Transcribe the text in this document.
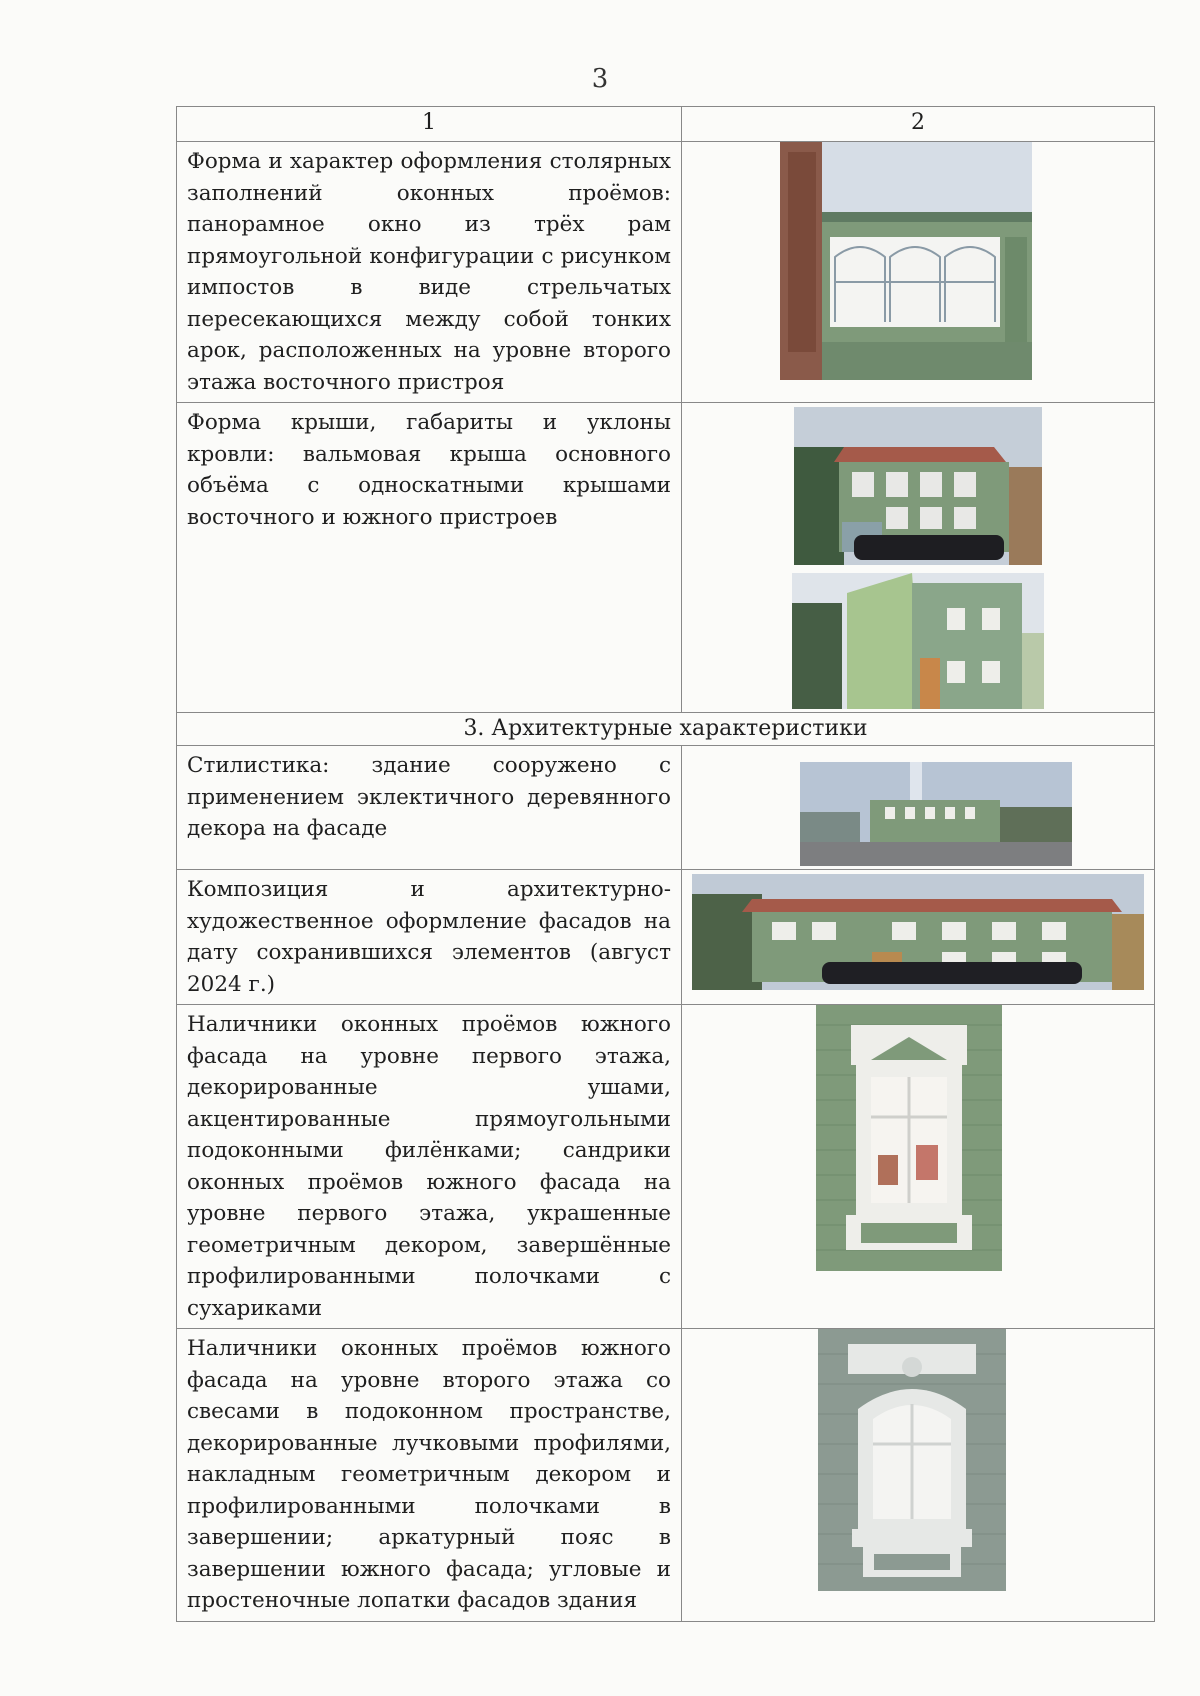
3
1	2
Форма и характер оформления столярных заполнений оконных проёмов: панорамное окно из трёх рам прямоугольной конфигурации с рисунком импостов в виде стрельчатых пересекающихся между собой тонких арок, расположенных на уровне второго этажа восточного пристроя	

Форма крыши, габариты и уклоны кровли: вальмовая крыша основного объёма с односкатными крышами восточного и южного пристроев	

3. Архитектурные характеристики	
Стилистика: здание сооружено с применением эклектичного деревянного декора на фасаде	

Композиция и архитектурно-художественное оформление фасадов на дату сохранившихся элементов (август 2024 г.)	

Наличники оконных проёмов южного фасада на уровне первого этажа, декорированные ушами, акцентированные прямоугольными подоконными филёнками; сандрики оконных проёмов южного фасада на уровне первого этажа, украшенные геометричным декором, завершённые профилированными полочками с сухариками	

Наличники оконных проёмов южного фасада на уровне второго этажа со свесами в подоконном пространстве, декорированные лучковыми профилями, накладным геометричным декором и профилированными полочками в завершении; аркатурный пояс в завершении южного фасада; угловые и простеночные лопатки фасадов здания	
